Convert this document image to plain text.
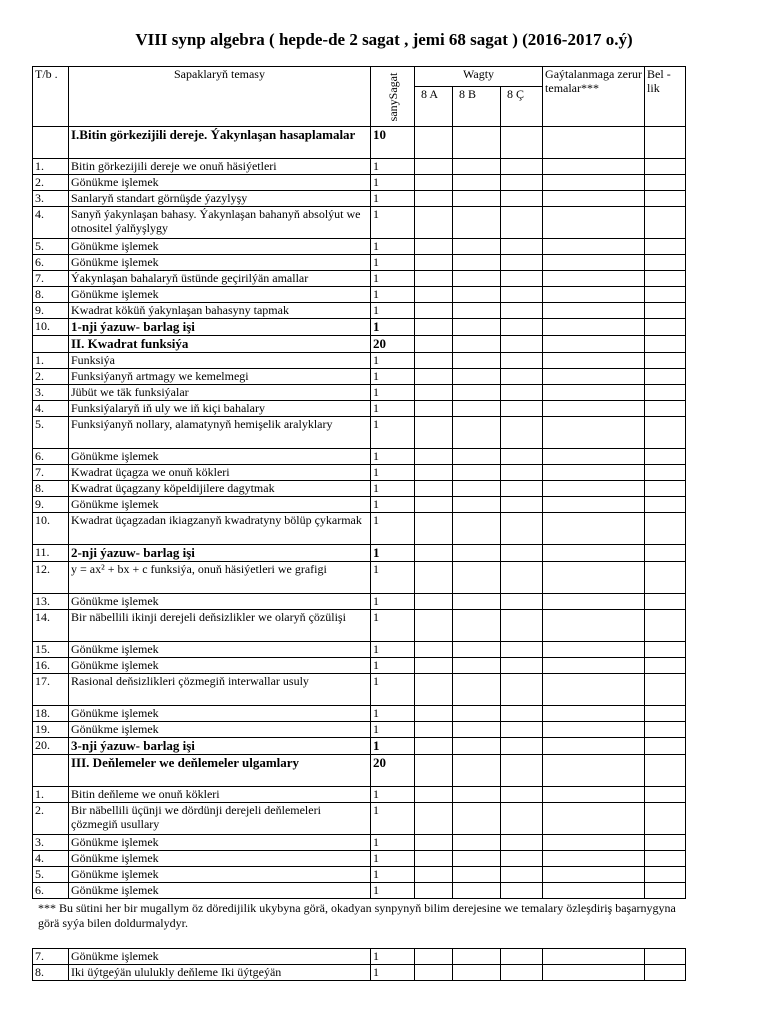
VIII synp algebra ( hepde-de 2 sagat , jemi 68 sagat ) (2016-2017 o.ý)
T/b .	Sapaklaryň temasy	sanySagat	Wagty			Gaýtalanmaga zerur temalar***	Bel -lik
			8 A	8 B	8 Ç		
	I.Bitin görkezijili dereje. Ýakynlaşan hasaplamalar	10					
1.	Bitin görkezijili dereje we onuň häsiýetleri	1					
2.	Gönükme işlemek	1					
3.	Sanlaryň standart görnüşde ýazylyşy	1					
4.	Sanyň ýakynlaşan bahasy. Ýakynlaşan bahanyň absolýut we otnositel ýalňyşlygy	1					
5.	Gönükme işlemek	1					
6.	Gönükme işlemek	1					
7.	Ýakynlaşan bahalaryň üstünde geçirilýän amallar	1					
8.	Gönükme işlemek	1					
9.	Kwadrat köküň ýakynlaşan bahasyny tapmak	1					
10.	1-nji ýazuw- barlag işi	1					
	II. Kwadrat funksiýa	20					
1.	Funksiýa	1					
2.	Funksiýanyň artmagy we kemelmegi	1					
3.	Jübüt we täk funksiýalar	1					
4.	Funksiýalaryň iň uly we iň kiçi bahalary	1					
5.	Funksiýanyň nollary, alamatynyň hemişelik aralyklary	1					
6.	Gönükme işlemek	1					
7.	Kwadrat üçagza we onuň kökleri	1					
8.	Kwadrat üçagzany köpeldijilere dagytmak	1					
9.	Gönükme işlemek	1					
10.	Kwadrat üçagzadan ikiagzanyň kwadratyny bölüp çykarmak	1					
11.	2-nji ýazuw- barlag işi	1					
12.	y = ax² + bx + c funksiýa, onuň häsiýetleri we grafigi	1					
13.	Gönükme işlemek	1					
14.	Bir näbellili ikinji derejeli deňsizlikler we olaryň çözülişi	1					
15.	Gönükme işlemek	1					
16.	Gönükme işlemek	1					
17.	Rasional deňsizlikleri çözmegiň interwallar usuly	1					
18.	Gönükme işlemek	1					
19.	Gönükme işlemek	1					
20.	3-nji ýazuw- barlag işi	1					
	III. Deňlemeler we deňlemeler ulgamlary	20					
1.	Bitin deňleme we onuň kökleri	1					
2.	Bir näbellili üçünji we dördünji derejeli deňlemeleri çözmegiň usullary	1					
3.	Gönükme işlemek	1					
4.	Gönükme işlemek	1					
5.	Gönükme işlemek	1					
6.	Gönükme işlemek	1					
*** Bu sütini her bir mugallym öz döredijilik ukybyna görä, okadyan synpynyň bilim derejesine we temalary özleşdiriş başarnygyna görä syýa bilen doldurmalydyr.
7.	Gönükme işlemek	1					
8.	Iki üýtgeýän ululukly deňleme Iki üýtgeýän	1					
